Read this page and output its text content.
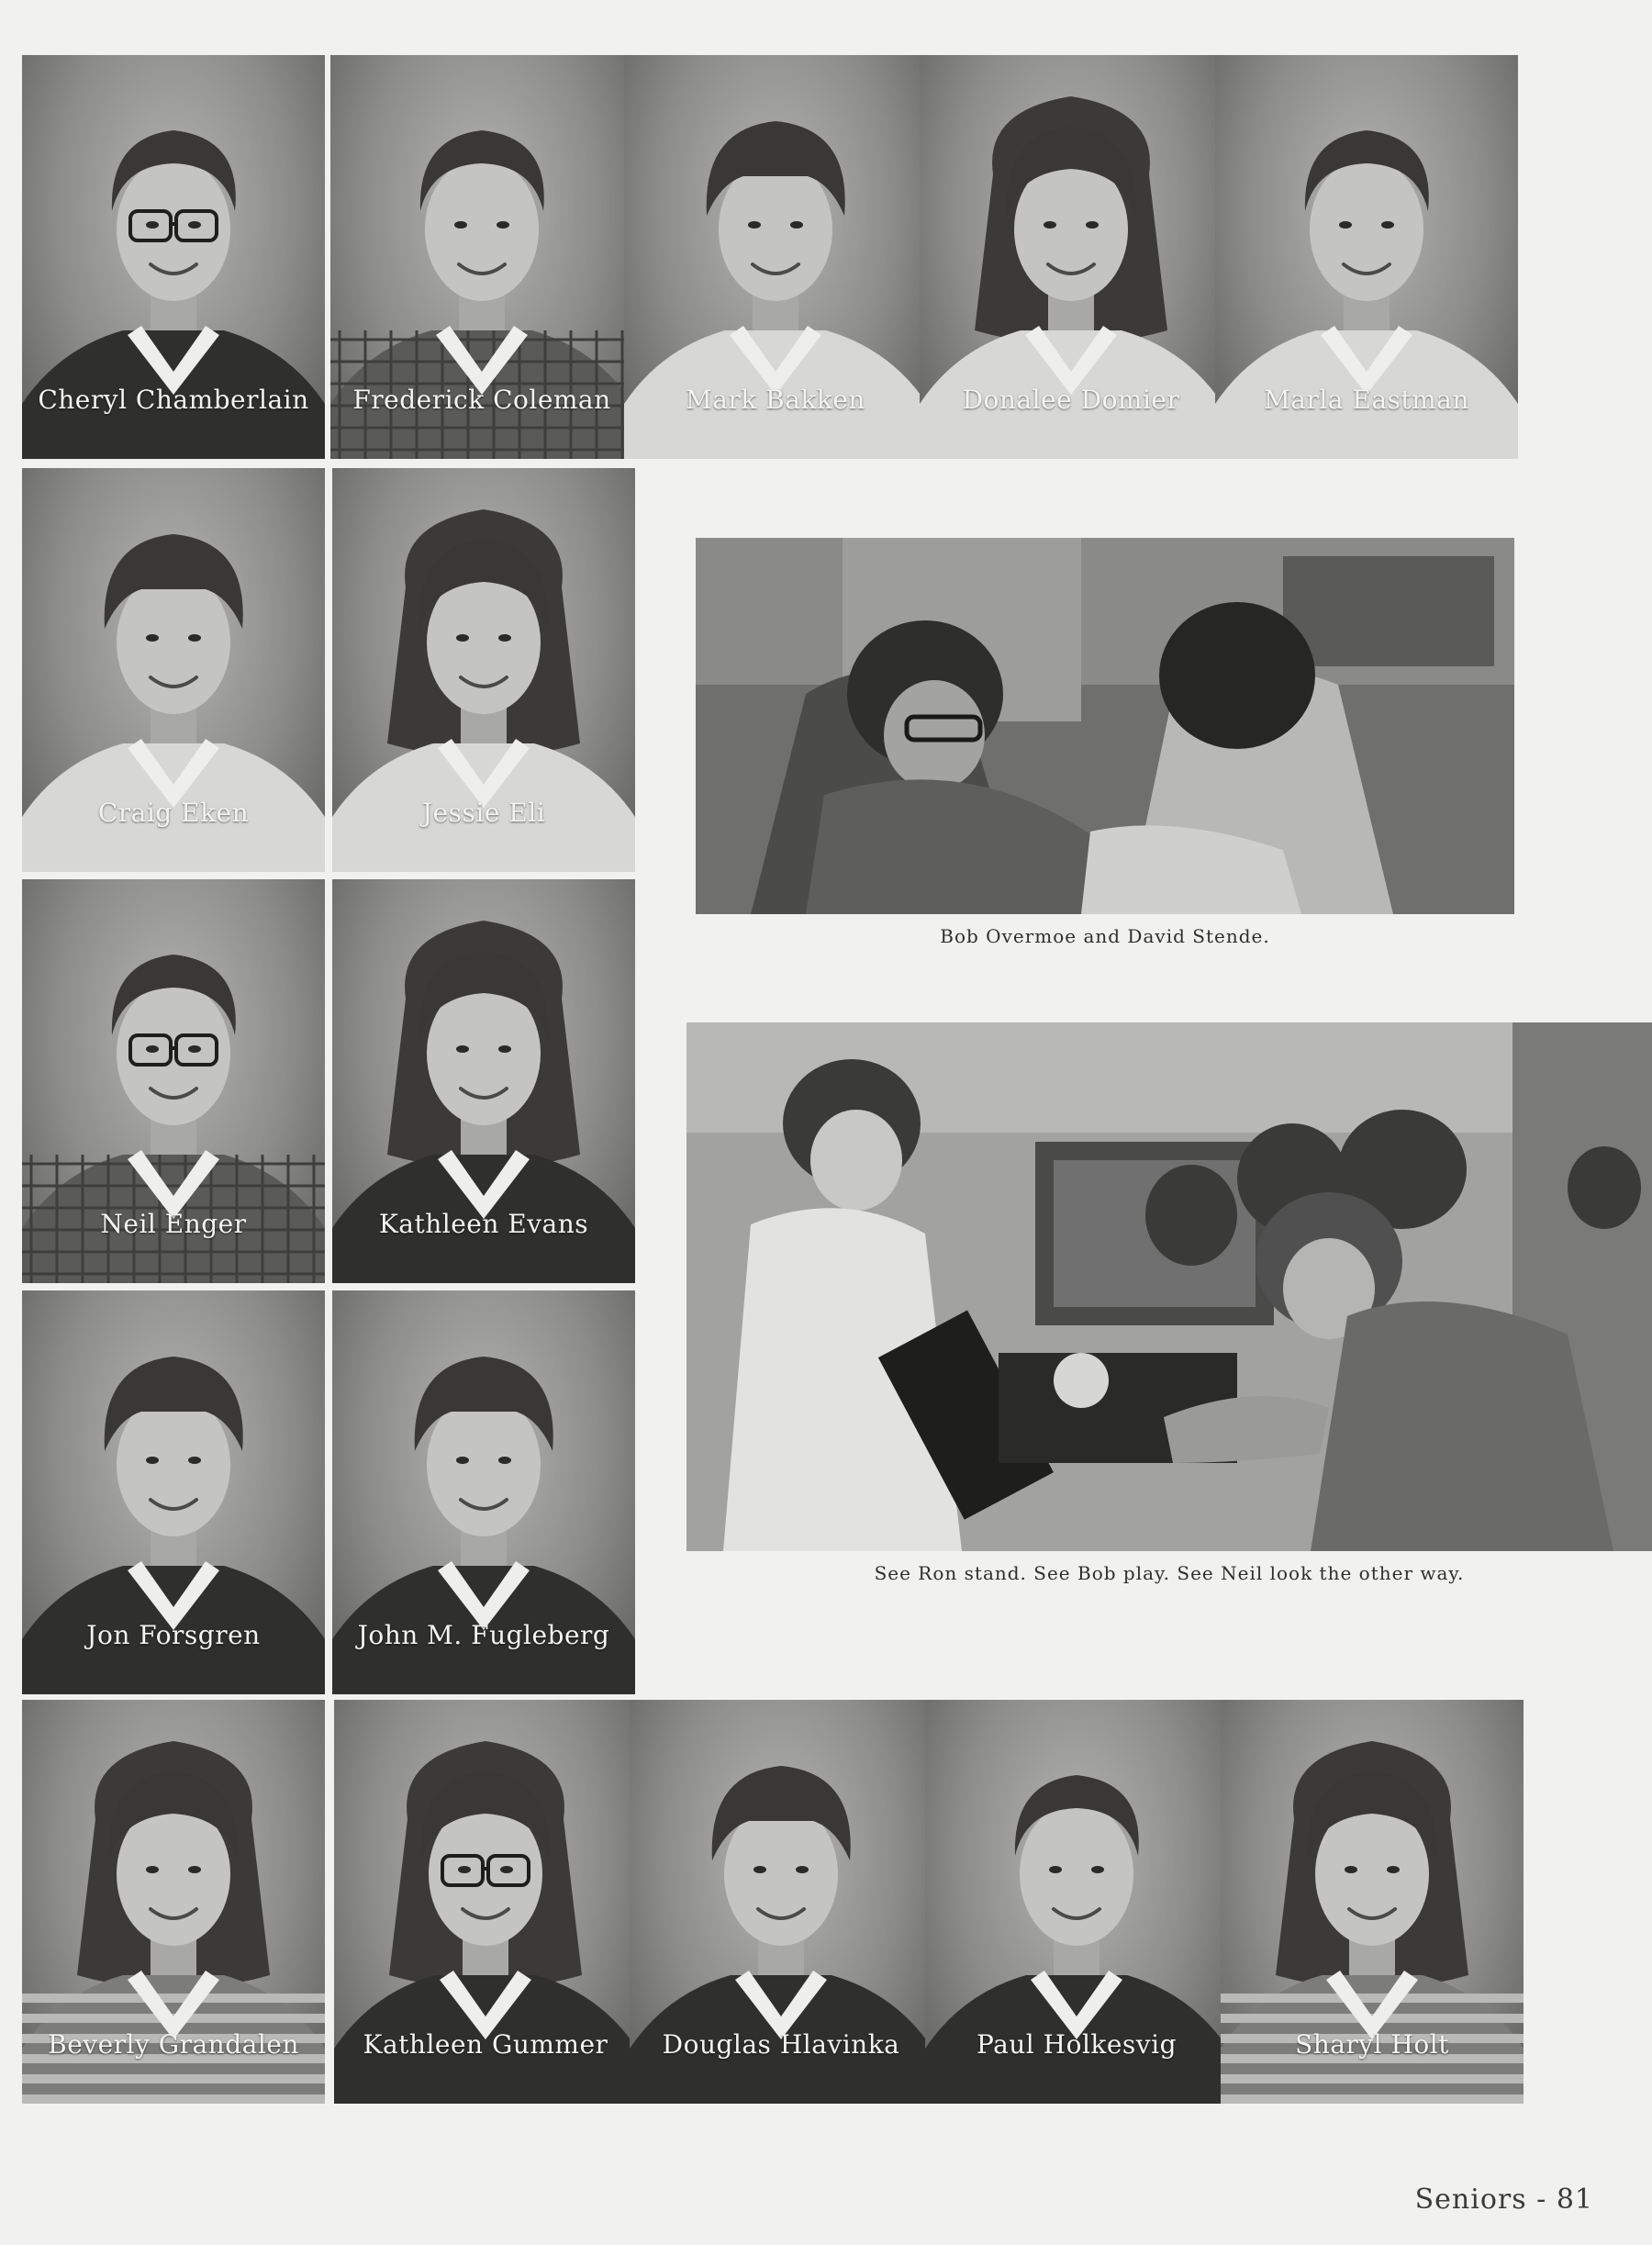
Cheryl Chamberlain	Frederick Coleman	Mark Bakken	Donalee Domier	Marla Eastman
Craig Eken	Jessie Eli
Neil Enger	Kathleen Evans
Jon Forsgren	John M. Fugleberg
Beverly Grandalen	Kathleen Gummer	Douglas Hlavinka	Paul Holkesvig	Sharyl Holt
Bob Overmoe and David Stende.
See Ron stand. See Bob play. See Neil look the other way.
Seniors - 81
